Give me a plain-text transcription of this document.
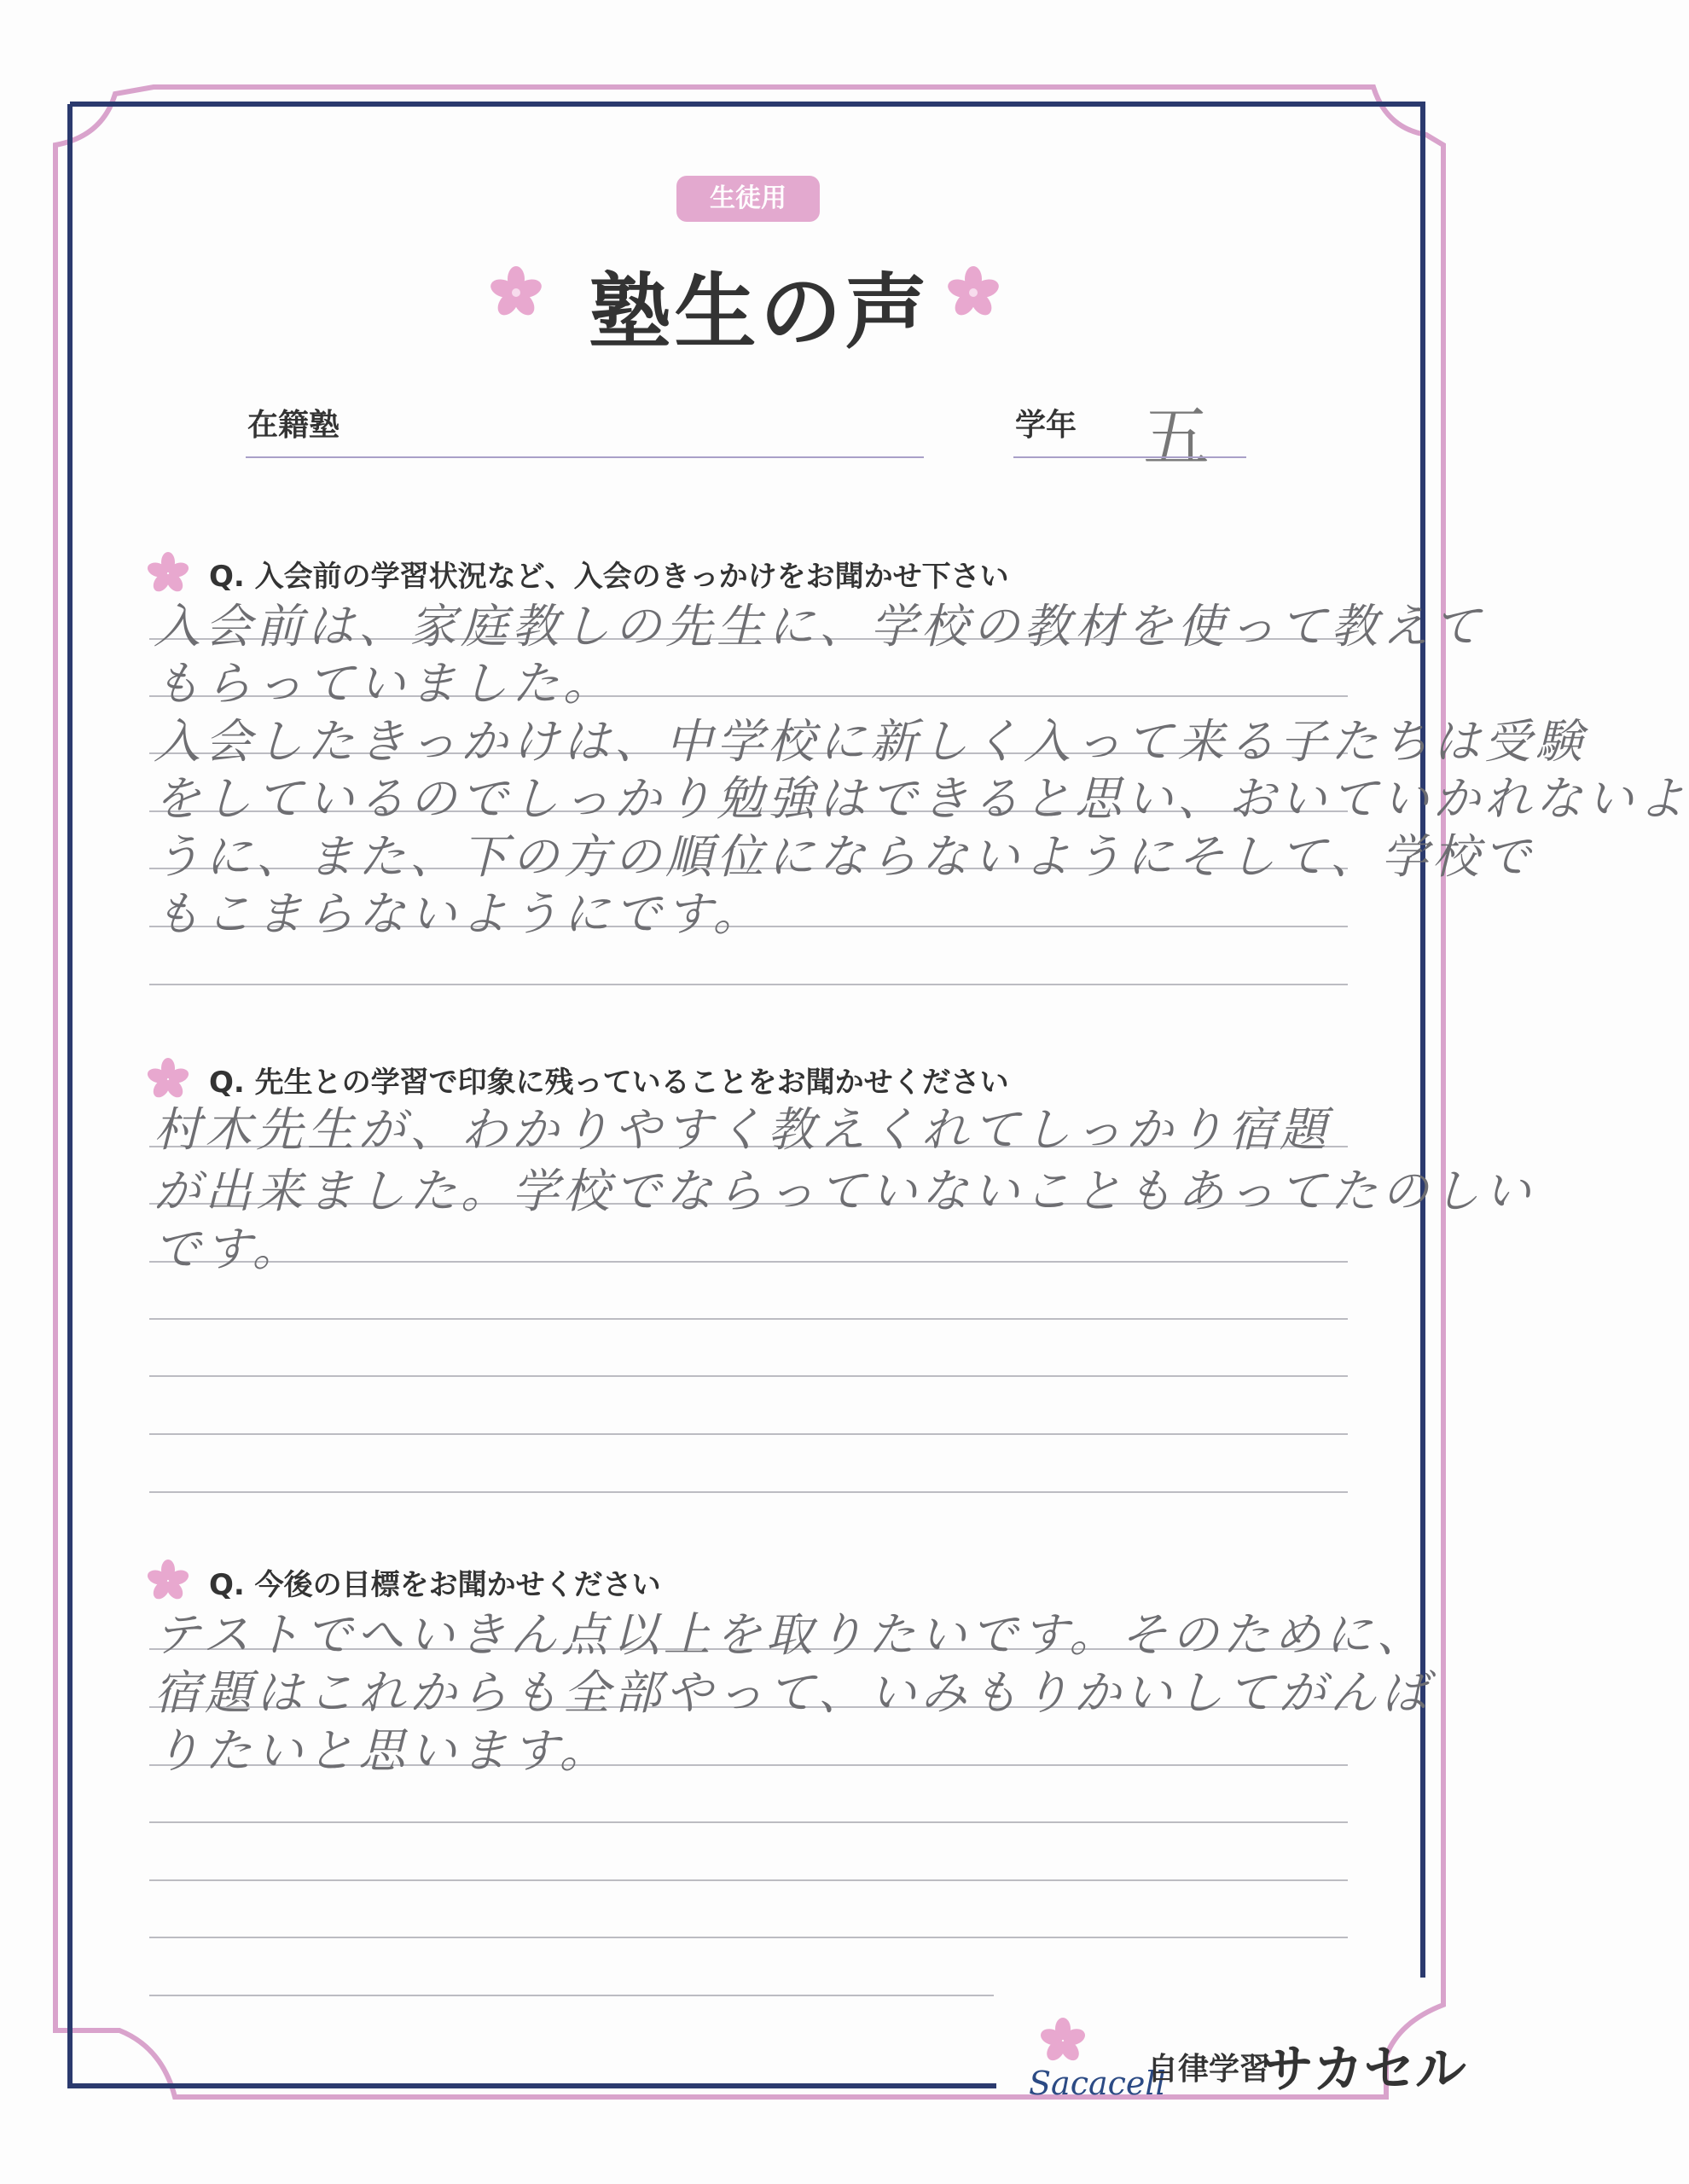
生徒用
塾生の声
在籍塾	学年 五
Q. 入会前の学習状況など、入会のきっかけをお聞かせ下さい
入会前は、家庭教しの先生に、学校の教材を使って教えて
もらっていました。
入会したきっかけは、中学校に新しく入って来る子たちは受験
をしているのでしっかり勉強はできると思い、おいていかれないよ
うに、また、下の方の順位にならないようにそして、学校で
もこまらないようにです。
Q. 先生との学習で印象に残っていることをお聞かせください
村木先生が、わかりやすく教えくれてしっかり宿題
が出来ました。学校でならっていないこともあってたのしい
です。
Q. 今後の目標をお聞かせください
テストでへいきん点以上を取りたいです。そのために、
宿題はこれからも全部やって、いみもりかいしてがんば
りたいと思います。
Sacacell
自律学習
サカセル
